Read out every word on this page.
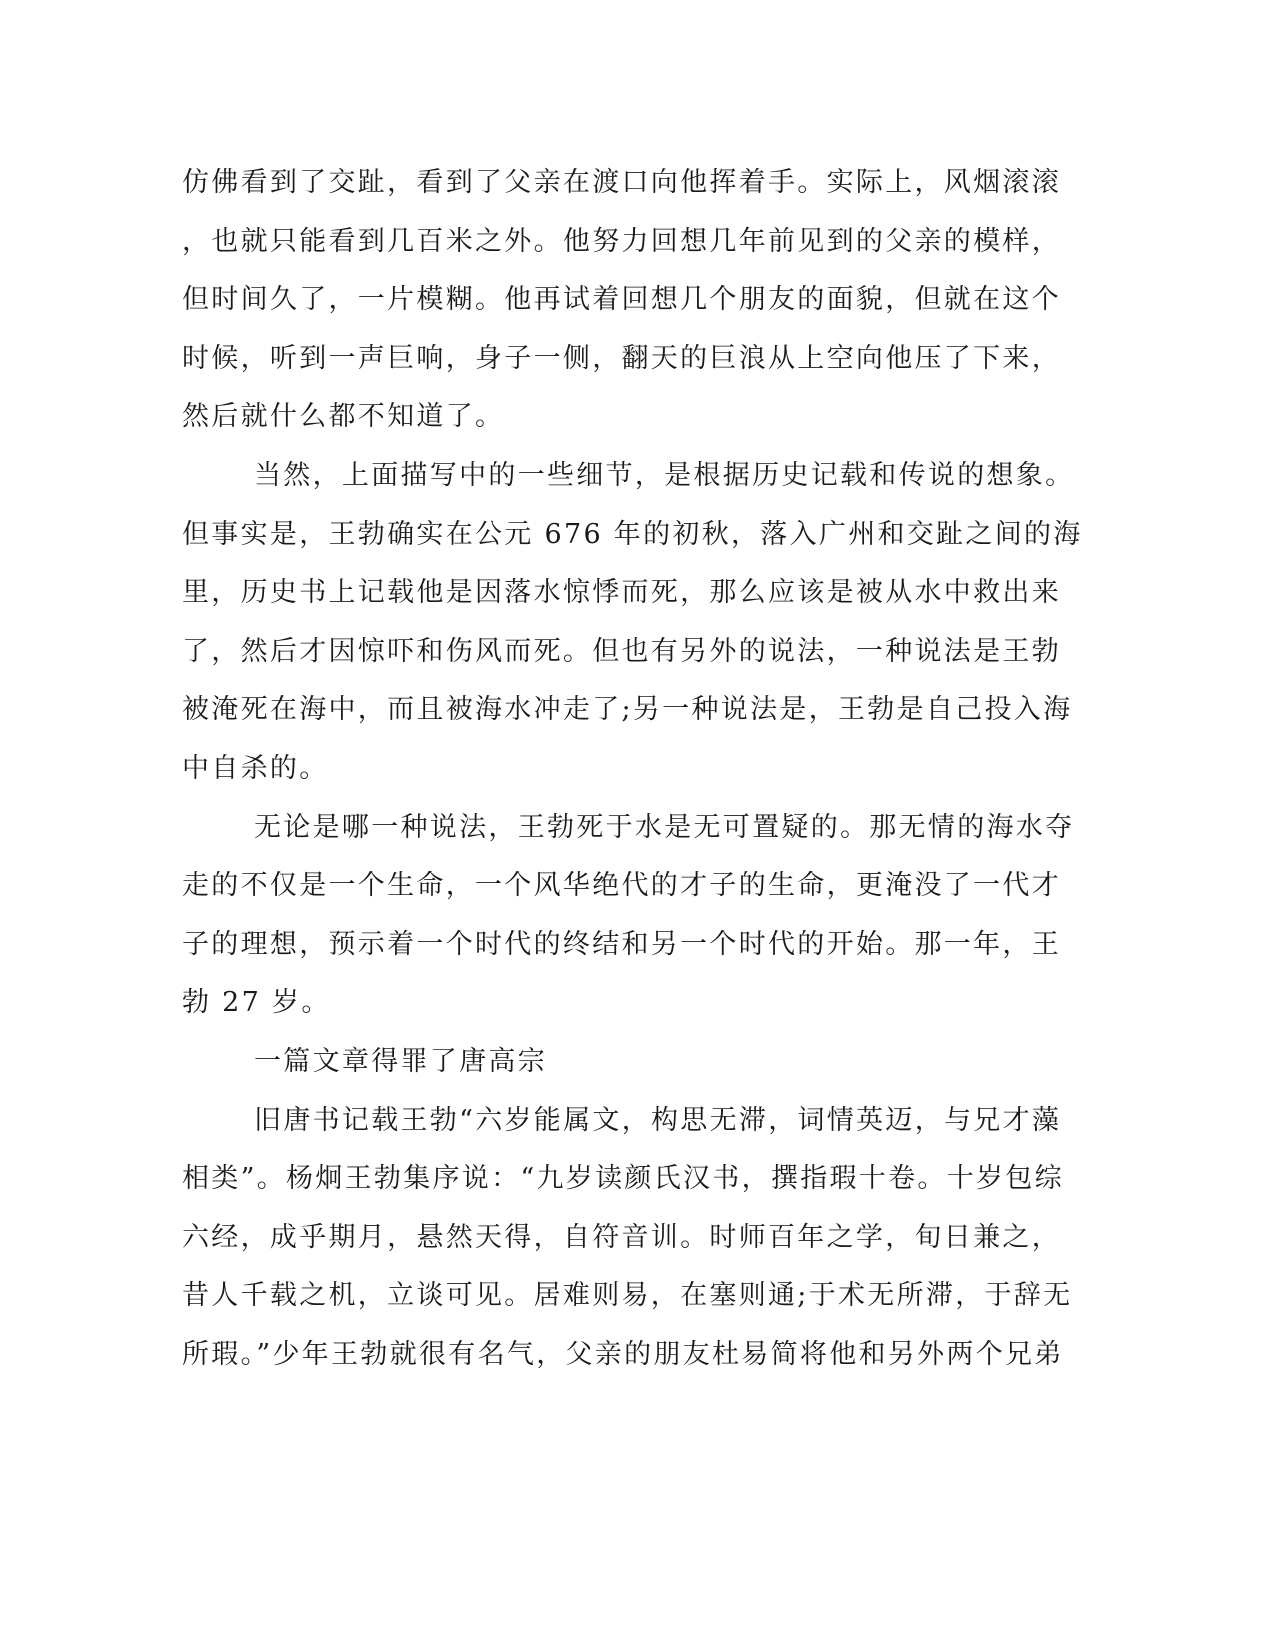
仿佛看到了交趾，看到了父亲在渡口向他挥着手。实际上，风烟滚滚
，也就只能看到几百米之外。他努力回想几年前见到的父亲的模样，
但时间久了，一片模糊。他再试着回想几个朋友的面貌，但就在这个
时候，听到一声巨响，身子一侧，翻天的巨浪从上空向他压了下来，
然后就什么都不知道了。
当然，上面描写中的一些细节，是根据历史记载和传说的想象。
但事实是，王勃确实在公元 676 年的初秋，落入广州和交趾之间的海
里，历史书上记载他是因落水惊悸而死，那么应该是被从水中救出来
了，然后才因惊吓和伤风而死。但也有另外的说法，一种说法是王勃
被淹死在海中，而且被海水冲走了;另一种说法是，王勃是自己投入海
中自杀的。
无论是哪一种说法，王勃死于水是无可置疑的。那无情的海水夺
走的不仅是一个生命，一个风华绝代的才子的生命，更淹没了一代才
子的理想，预示着一个时代的终结和另一个时代的开始。那一年，王
勃 27 岁。
一篇文章得罪了唐高宗
旧唐书记载王勃“六岁能属文，构思无滞，词情英迈，与兄才藻
相类”。杨炯王勃集序说：“九岁读颜氏汉书，撰指瑕十卷。十岁包综
六经，成乎期月，悬然天得，自符音训。时师百年之学，旬日兼之，
昔人千载之机，立谈可见。居难则易，在塞则通;于术无所滞，于辞无
所瑕。”少年王勃就很有名气，父亲的朋友杜易简将他和另外两个兄弟
